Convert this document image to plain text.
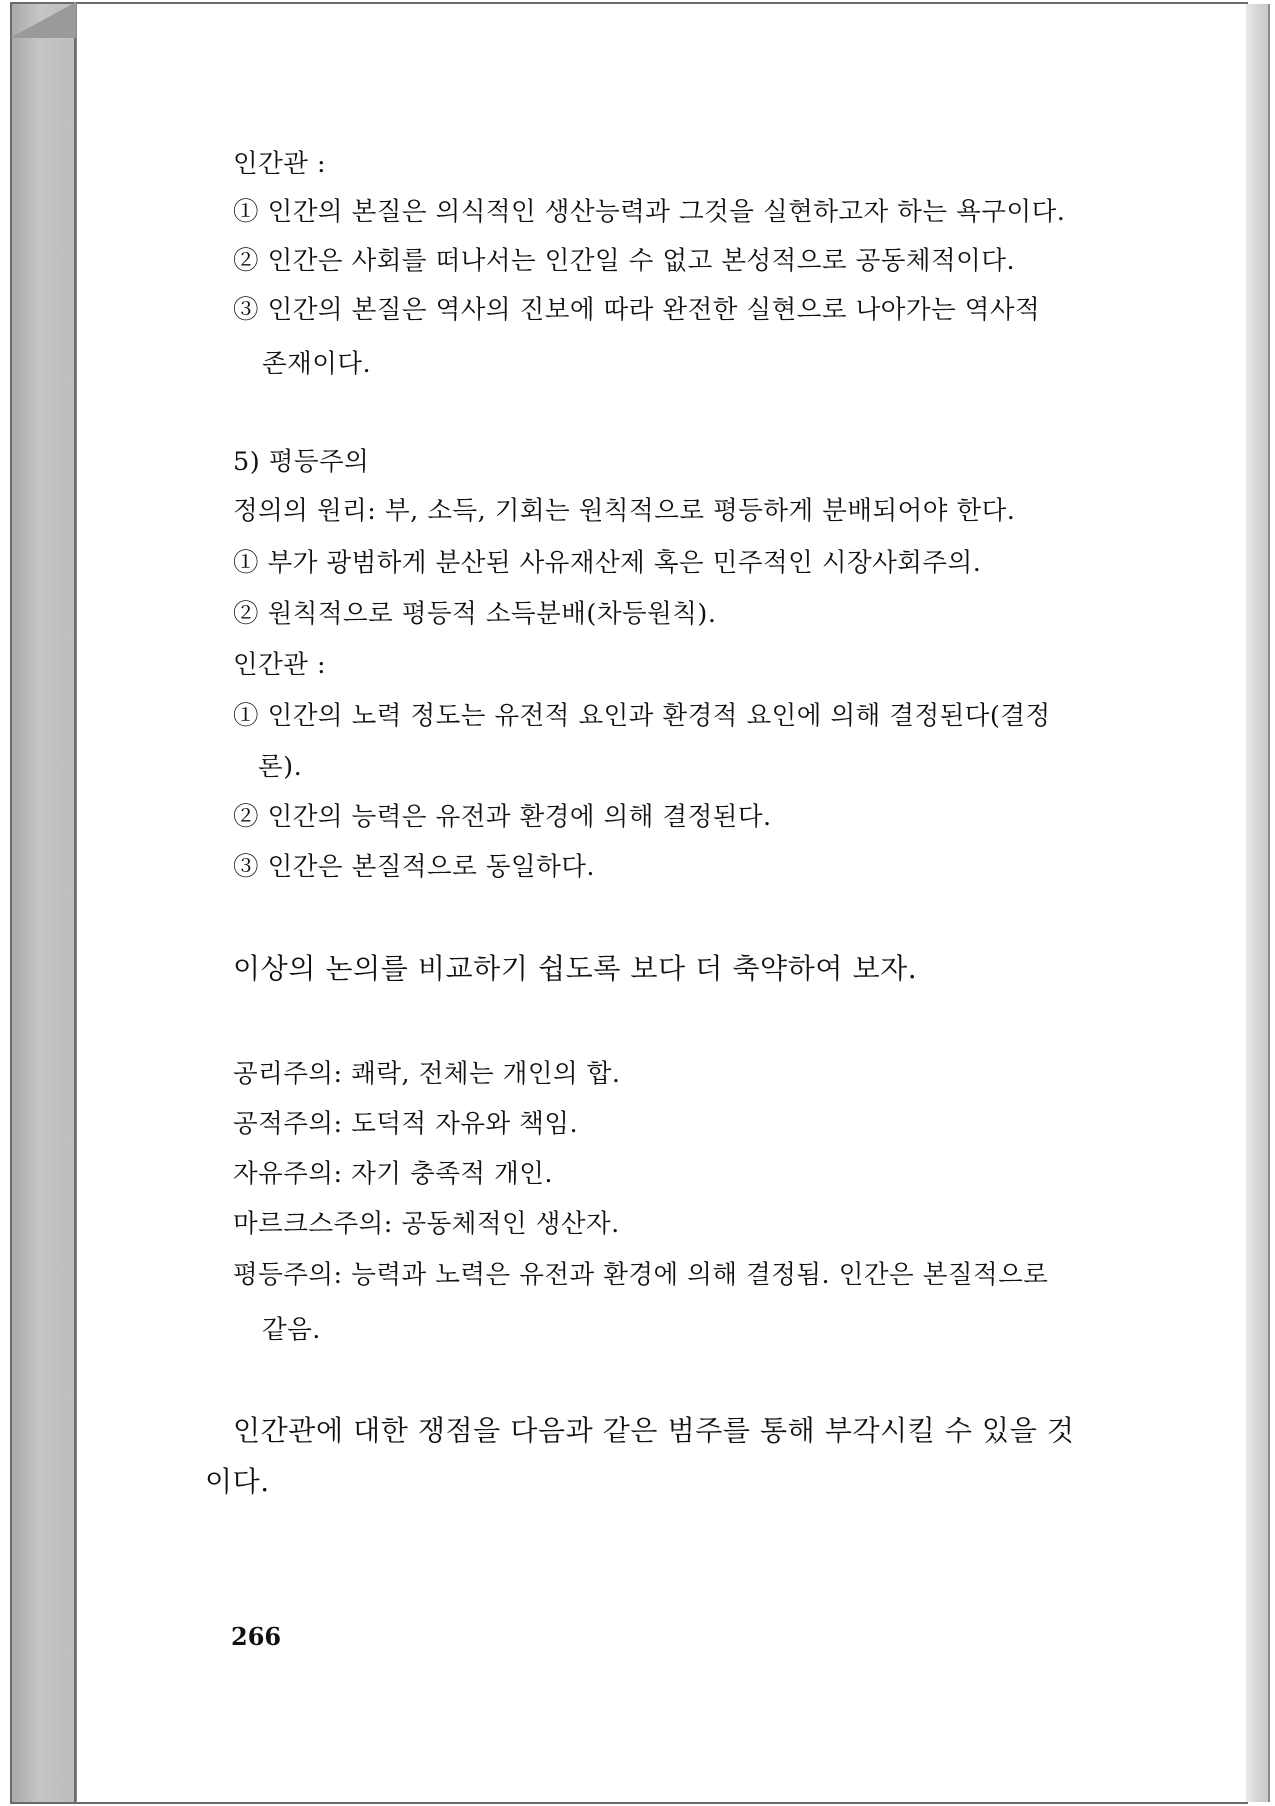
인간관 :
① 인간의 본질은 의식적인 생산능력과 그것을 실현하고자 하는 욕구이다.
② 인간은 사회를 떠나서는 인간일 수 없고 본성적으로 공동체적이다.
③ 인간의 본질은 역사의 진보에 따라 완전한 실현으로 나아가는 역사적
존재이다.
5) 평등주의
정의의 원리: 부, 소득, 기회는 원칙적으로 평등하게 분배되어야 한다.
① 부가 광범하게 분산된 사유재산제 혹은 민주적인 시장사회주의.
② 원칙적으로 평등적 소득분배(차등원칙).
인간관 :
① 인간의 노력 정도는 유전적 요인과 환경적 요인에 의해 결정된다(결정
론).
② 인간의 능력은 유전과 환경에 의해 결정된다.
③ 인간은 본질적으로 동일하다.
이상의 논의를 비교하기 쉽도록 보다 더 축약하여 보자.
공리주의: 쾌락, 전체는 개인의 합.
공적주의: 도덕적 자유와 책임.
자유주의: 자기 충족적 개인.
마르크스주의: 공동체적인 생산자.
평등주의: 능력과 노력은 유전과 환경에 의해 결정됨. 인간은 본질적으로
같음.
인간관에 대한 쟁점을 다음과 같은 범주를 통해 부각시킬 수 있을 것
이다.
266
